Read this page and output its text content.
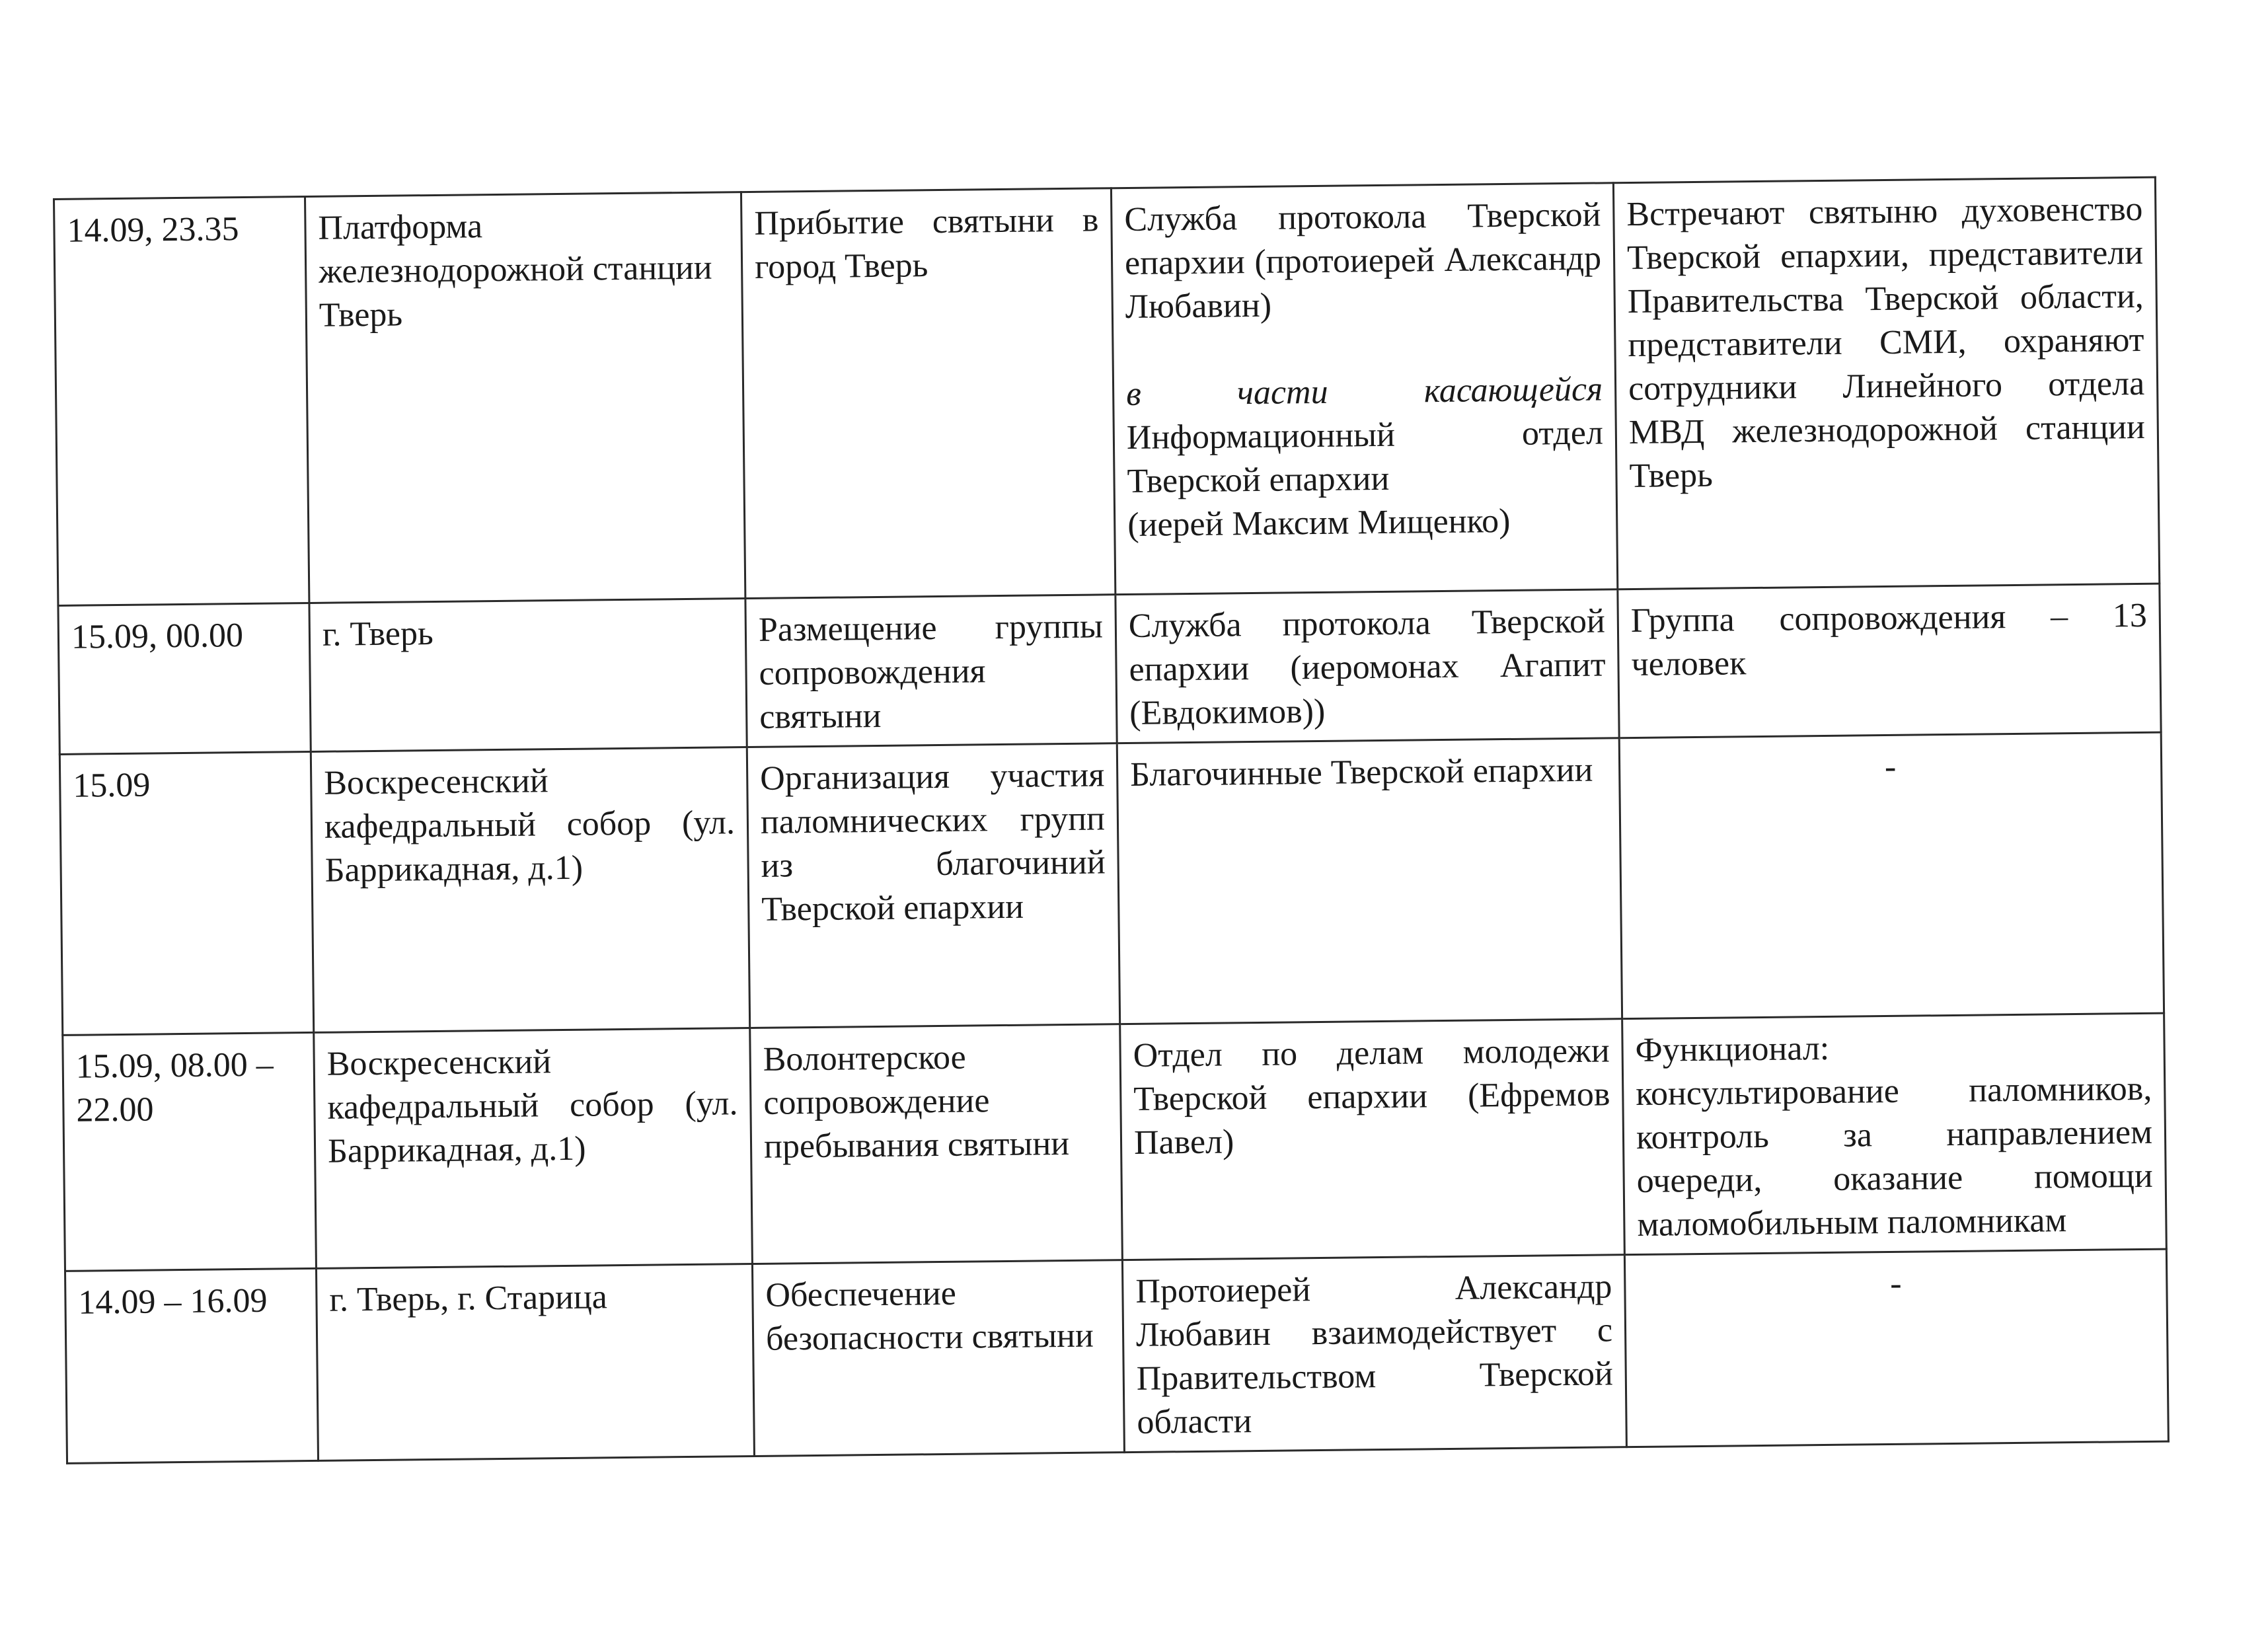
14.09, 23.35	Платформа железнодорожной станции Тверь	Прибытие святыни в город Тверь	Служба протокола Тверской епархии (протоиерей Александр Любавин)
в части касающейся
Информационный отдел Тверской епархии
(иерей Максим Мищенко)	Встречают святыню духовенство Тверской епархии, представители Правительства Тверской области, представители СМИ, охраняют сотрудники Линейного отдела МВД железнодорожной станции Тверь
15.09, 00.00	г. Тверь	Размещение группы сопровождения святыни	Служба протокола Тверской епархии (иеромонах Агапит (Евдокимов))	Группа сопровождения – 13 человек
15.09	Воскресенский кафедральный собор (ул. Баррикадная, д.1)	Организация участия паломнических групп из благочиний Тверской епархии	Благочинные Тверской епархии	-
15.09, 08.00 – 22.00	Воскресенский кафедральный собор (ул. Баррикадная, д.1)	Волонтерское сопровождение пребывания святыни	Отдел по делам молодежи Тверской епархии (Ефремов Павел)	Функционал:
консультирование паломников, контроль за направлением очереди, оказание помощи маломобильным паломникам

14.09 – 16.09	г. Тверь, г. Старица	Обеспечение безопасности святыни	Протоиерей Александр Любавин взаимодействует с Правительством Тверской области	-
